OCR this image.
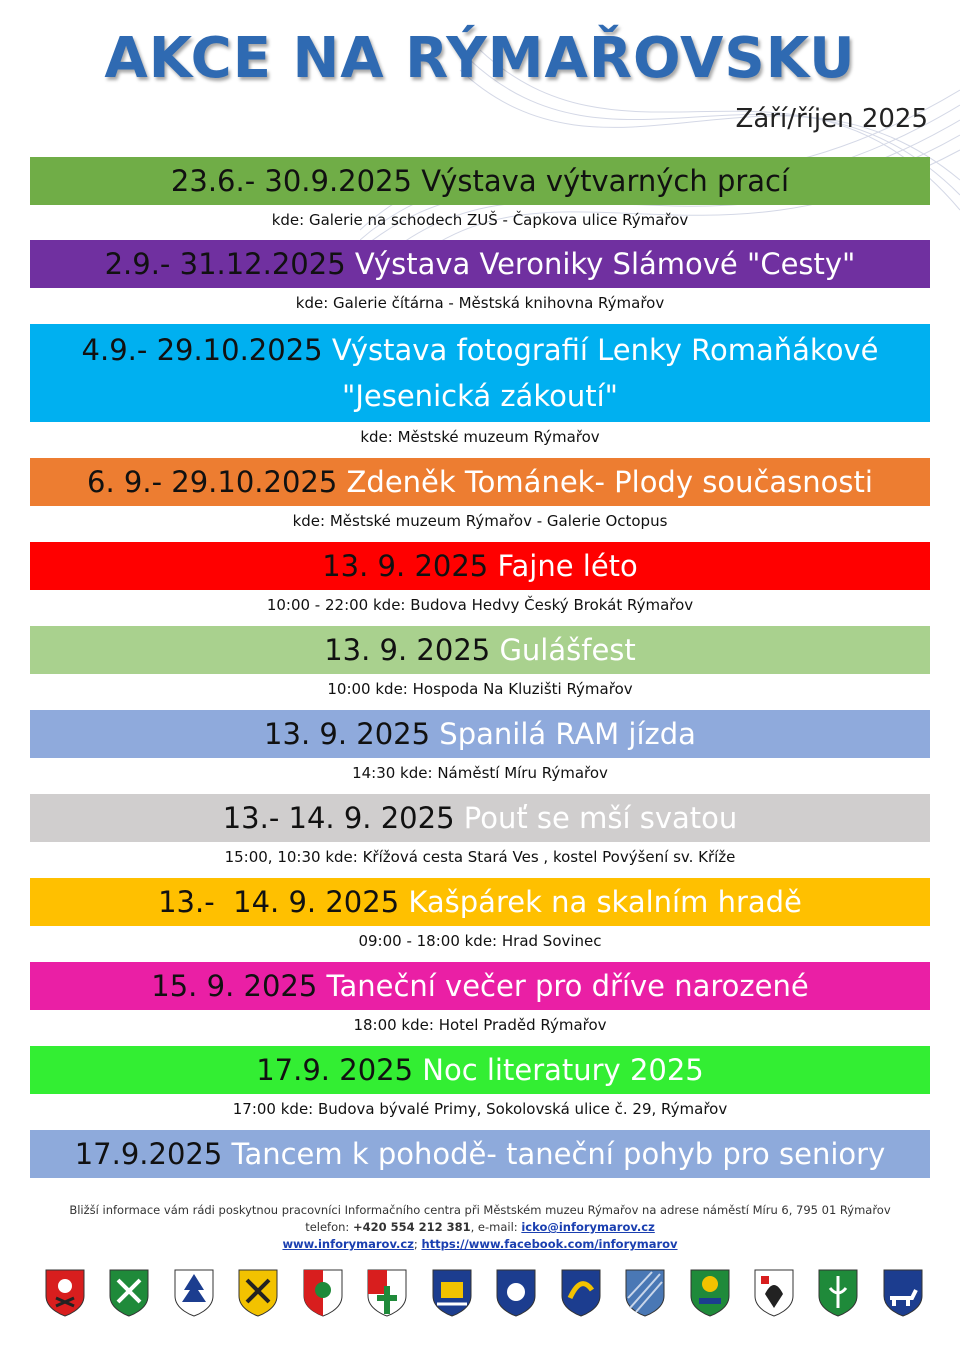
AKCE NA RÝMAŘOVSKU
Září/říjen 2025
23.6.- 30.9.2025 Výstava výtvarných prací
kde: Galerie na schodech ZUŠ - Čapkova ulice Rýmařov
2.9.- 31.12.2025 Výstava Veroniky Slámové "Cesty"
kde: Galerie čítárna - Městská knihovna Rýmařov
4.9.- 29.10.2025 Výstava fotografií Lenky Romaňákové
"Jesenická zákoutí"
kde: Městské muzeum Rýmařov
6. 9.- 29.10.2025 Zdeněk Tománek- Plody současnosti
kde: Městské muzeum Rýmařov - Galerie Octopus
13. 9. 2025 Fajne léto
10:00 - 22:00 kde: Budova Hedvy Český Brokát Rýmařov
13. 9. 2025 Gulášfest
10:00 kde: Hospoda Na Kluzišti Rýmařov
13. 9. 2025 Spanilá RAM jízda
14:30 kde: Náměstí Míru Rýmařov
13.- 14. 9. 2025 Pouť se mší svatou
15:00, 10:30 kde: Křížová cesta Stará Ves , kostel Povýšení sv. Kříže
13.-  14. 9. 2025 Kašpárek na skalním hradě
09:00 - 18:00 kde: Hrad Sovinec
15. 9. 2025 Taneční večer pro dříve narozené
18:00 kde: Hotel Praděd Rýmařov
17.9. 2025 Noc literatury 2025
17:00 kde: Budova bývalé Primy, Sokolovská ulice č. 29, Rýmařov
17.9.2025 Tancem k pohodě- taneční pohyb pro seniory
Bližší informace vám rádi poskytnou pracovníci Informačního centra při Městském muzeu Rýmařov na adrese náměstí Míru 6, 795 01 Rýmařov
telefon: +420 554 212 381, e-mail: icko@inforymarov.cz
www.inforymarov.cz; https://www.facebook.com/inforymarov
